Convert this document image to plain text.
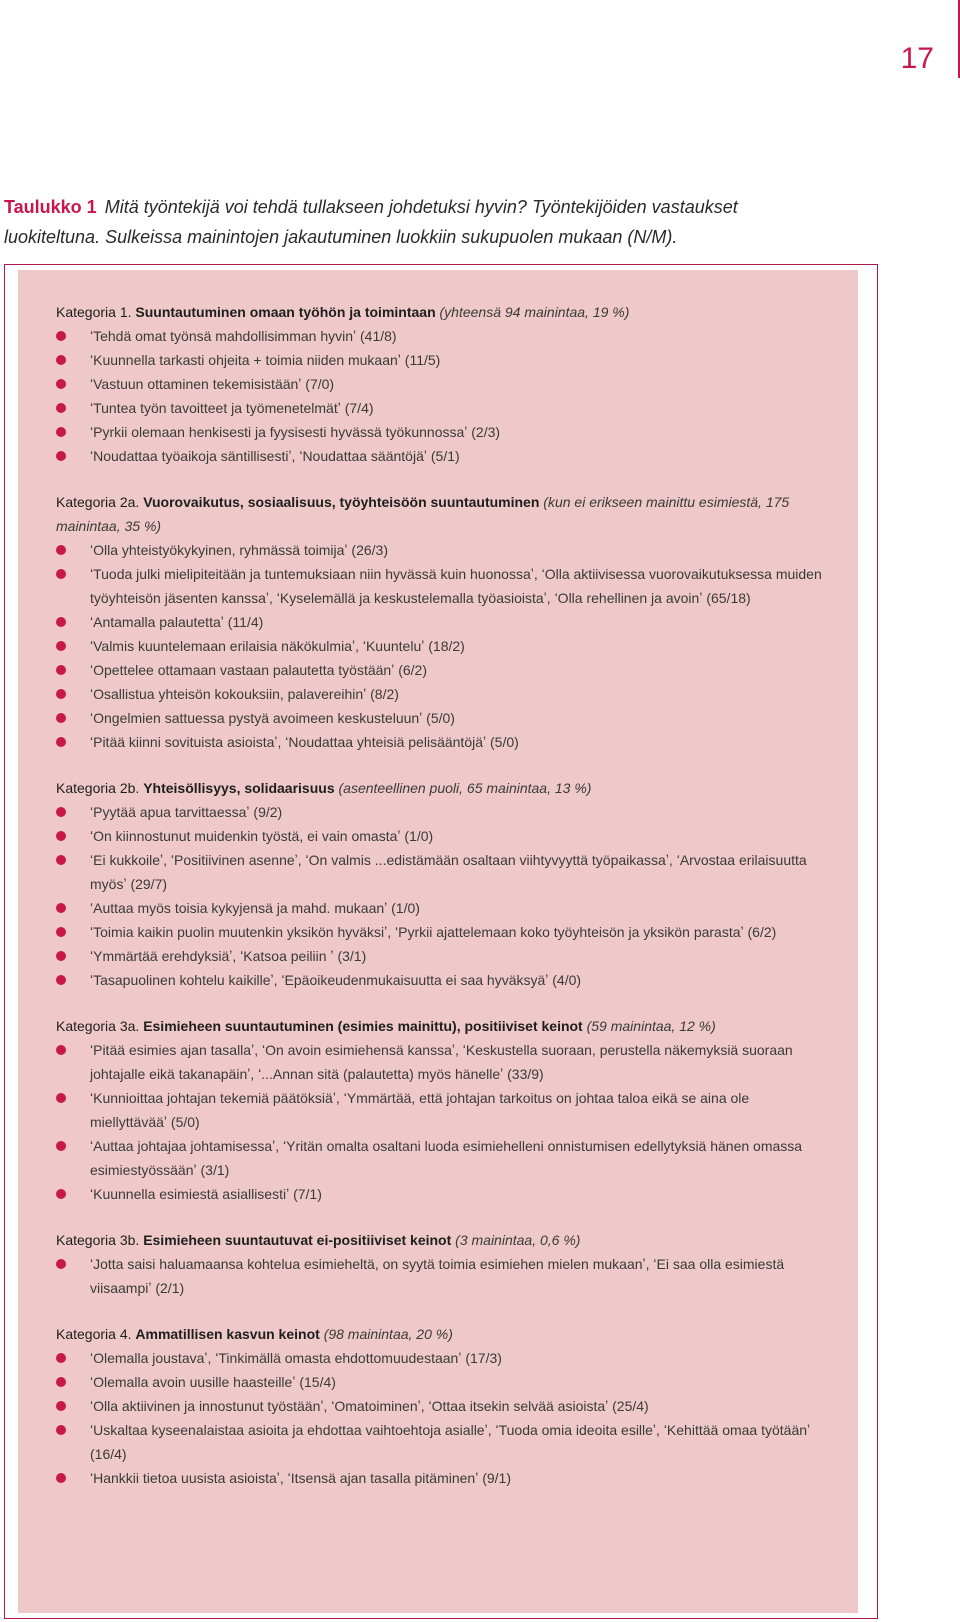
17
Taulukko 1 Mitä työntekijä voi tehdä tullakseen johdetuksi hyvin? Työntekijöiden vastaukset luokiteltuna. Sulkeissa mainintojen jakautuminen luokkiin sukupuolen mukaan (N/M).
Kategoria 1. Suuntautuminen omaan työhön ja toimintaan (yhteensä 94 mainintaa, 19 %)
ʻTehdä omat työnsä mahdollisimman hyvinʼ (41/8)
ʻKuunnella tarkasti ohjeita + toimia niiden mukaanʼ (11/5)
ʻVastuun ottaminen tekemisistäänʼ (7/0)
ʻTuntea työn tavoitteet ja työmenetelmätʼ (7/4)
ʻPyrkii olemaan henkisesti ja fyysisesti hyvässä työkunnossaʼ (2/3)
ʻNoudattaa työaikoja säntillisestiʼ, ʻNoudattaa sääntöjäʼ (5/1)
Kategoria 2a. Vuorovaikutus, sosiaalisuus, työyhteisöön suuntautuminen (kun ei erikseen mainittu esimiestä, 175 mainintaa, 35 %)
ʻOlla yhteistyökykyinen, ryhmässä toimijaʼ (26/3)
ʻTuoda julki mielipiteitään ja tuntemuksiaan niin hyvässä kuin huonossaʼ, ʻOlla aktiivisessa vuorovaikutuksessa muiden työyhteisön jäsenten kanssaʼ, ʻKyselemällä ja keskustelemalla työasioistaʼ, ʻOlla rehellinen ja avoinʼ (65/18)
ʻAntamalla palautettaʼ (11/4)
ʻValmis kuuntelemaan erilaisia näkökulmiaʼ, ʻKuunteluʼ (18/2)
ʻOpettelee ottamaan vastaan palautetta työstäänʼ (6/2)
ʻOsallistua yhteisön kokouksiin, palavereihinʼ (8/2)
ʻOngelmien sattuessa pystyä avoimeen keskusteluunʼ (5/0)
ʻPitää kiinni sovituista asioistaʼ, ʻNoudattaa yhteisiä pelisääntöjäʼ (5/0)
Kategoria 2b. Yhteisöllisyys, solidaarisuus (asenteellinen puoli, 65 mainintaa, 13 %)
ʻPyytää apua tarvittaessaʼ (9/2)
ʻOn kiinnostunut muidenkin työstä, ei vain omastaʼ (1/0)
ʻEi kukkoileʼ, ʻPositiivinen asenneʼ, ʻOn valmis ...edistämään osaltaan viihtyvyyttä työpaikassaʼ, ʻArvostaa erilaisuutta myösʼ (29/7)
ʻAuttaa myös toisia kykyjensä ja mahd. mukaanʼ (1/0)
ʻToimia kaikin puolin muutenkin yksikön hyväksiʼ, ʻPyrkii ajattelemaan koko työyhteisön ja yksikön parastaʼ (6/2)
ʻYmmärtää erehdyksiäʼ, ʻKatsoa peiliin ʼ (3/1)
ʻTasapuolinen kohtelu kaikilleʼ, ʻEpäoikeudenmukaisuutta ei saa hyväksyäʼ (4/0)
Kategoria 3a. Esimieheen suuntautuminen (esimies mainittu), positiiviset keinot (59 mainintaa, 12 %)
ʻPitää esimies ajan tasallaʼ, ʻOn avoin esimiehensä kanssaʼ, ʻKeskustella suoraan, perustella näkemyksiä suoraan johtajalle eikä takanapäinʼ, ʻ...Annan sitä (palautetta) myös hänelleʼ (33/9)
ʻKunnioittaa johtajan tekemiä päätöksiäʼ, ʻYmmärtää, että johtajan tarkoitus on johtaa taloa eikä se aina ole miellyttävääʼ (5/0)
ʻAuttaa johtajaa johtamisessaʼ, ʻYritän omalta osaltani luoda esimiehelleni onnistumisen edellytyksiä hänen omassa esimiestyössäänʼ (3/1)
ʻKuunnella esimiestä asiallisestiʼ (7/1)
Kategoria 3b. Esimieheen suuntautuvat ei-positiiviset keinot (3 mainintaa, 0,6 %)
ʻJotta saisi haluamaansa kohtelua esimieheltä, on syytä toimia esimiehen mielen mukaanʼ, ʻEi saa olla esimiestä viisaampiʼ (2/1)
Kategoria 4. Ammatillisen kasvun keinot (98 mainintaa, 20 %)
ʻOlemalla joustavaʼ, ʻTinkimällä omasta ehdottomuudestaanʼ (17/3)
ʻOlemalla avoin uusille haasteilleʼ (15/4)
ʻOlla aktiivinen ja innostunut työstäänʼ, ʻOmatoiminenʼ, ʻOttaa itsekin selvää asioistaʼ (25/4)
ʻUskaltaa kyseenalaistaa asioita ja ehdottaa vaihtoehtoja asialleʼ, ʻTuoda omia ideoita esilleʼ, ʻKehittää omaa työtäänʼ (16/4)
ʻHankkii tietoa uusista asioistaʼ, ʻItsensä ajan tasalla pitäminenʼ (9/1)
